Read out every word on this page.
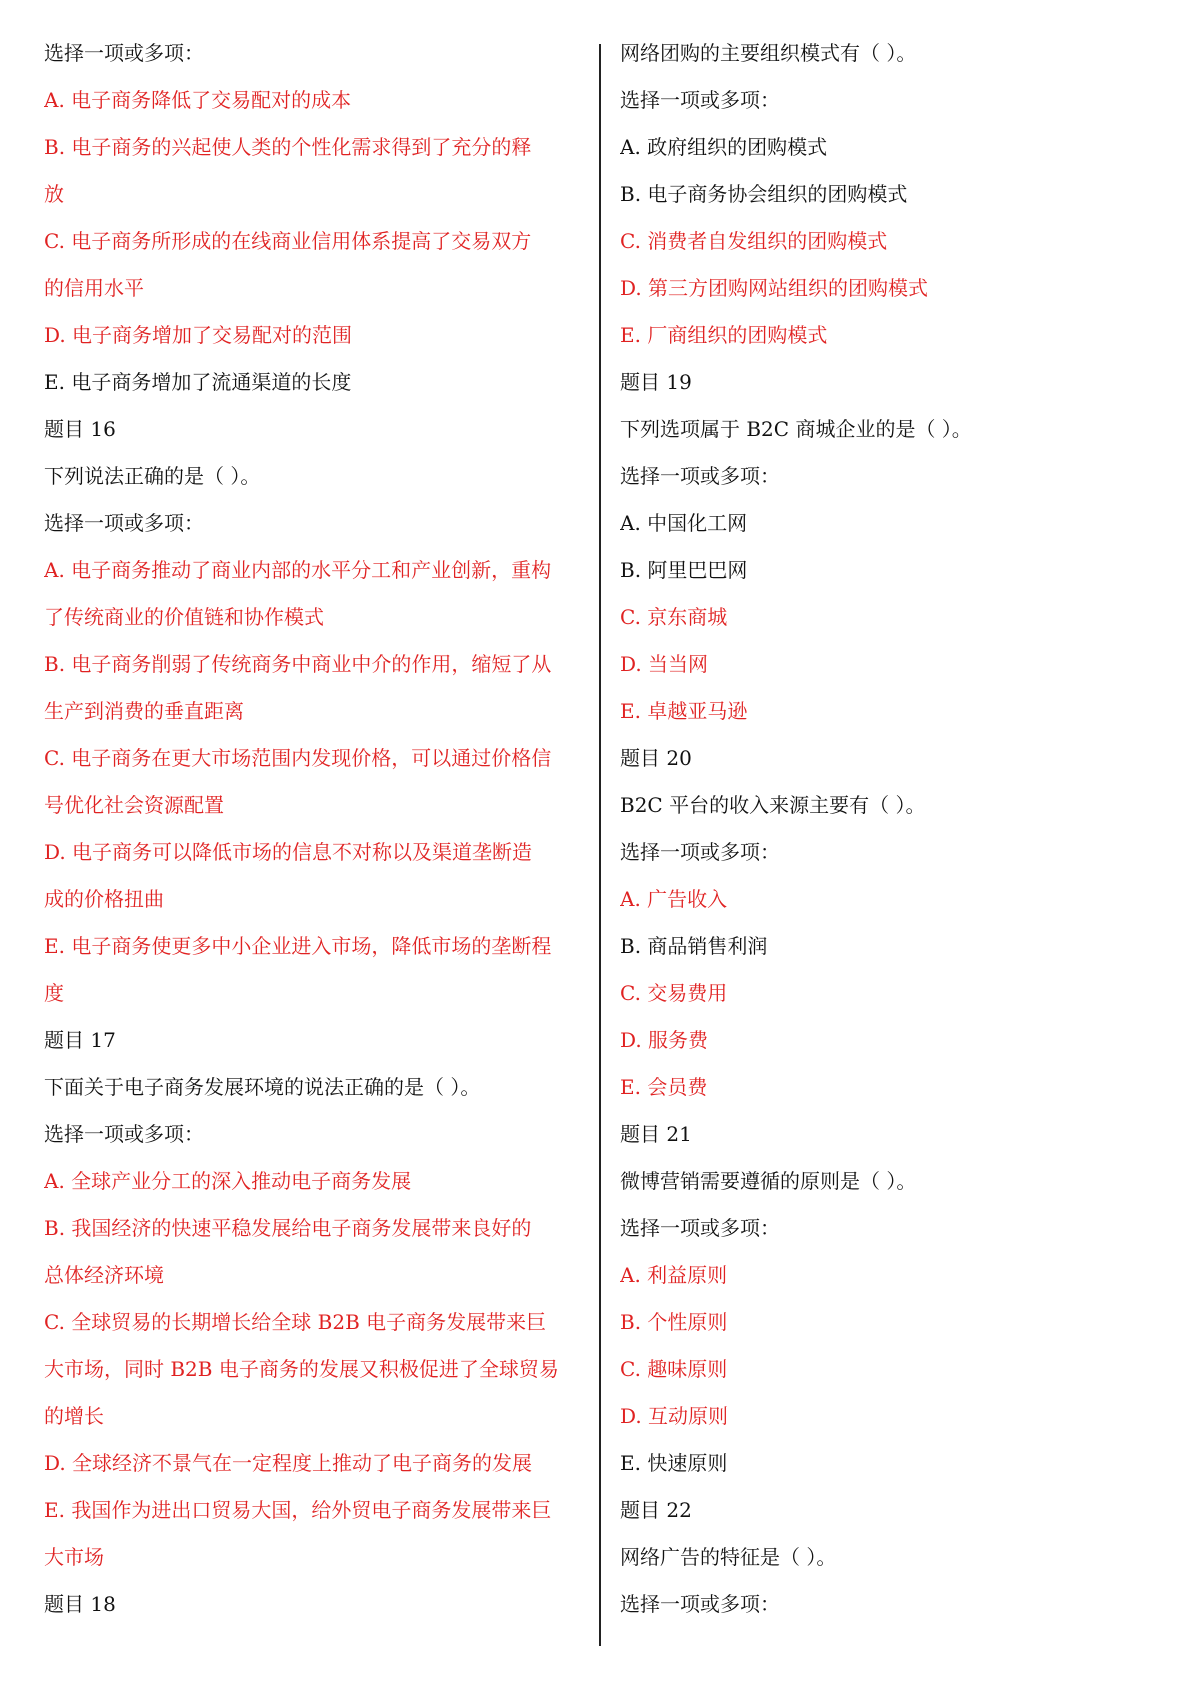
选择一项或多项：
A. 电子商务降低了交易配对的成本
B. 电子商务的兴起使人类的个性化需求得到了充分的释
放
C. 电子商务所形成的在线商业信用体系提高了交易双方
的信用水平
D. 电子商务增加了交易配对的范围
E. 电子商务增加了流通渠道的长度
题目 16
下列说法正确的是（ ）。
选择一项或多项：
A. 电子商务推动了商业内部的水平分工和产业创新，重构
了传统商业的价值链和协作模式
B. 电子商务削弱了传统商务中商业中介的作用，缩短了从
生产到消费的垂直距离
C. 电子商务在更大市场范围内发现价格，可以通过价格信
号优化社会资源配置
D. 电子商务可以降低市场的信息不对称以及渠道垄断造
成的价格扭曲
E. 电子商务使更多中小企业进入市场，降低市场的垄断程
度
题目 17
下面关于电子商务发展环境的说法正确的是（ ）。
选择一项或多项：
A. 全球产业分工的深入推动电子商务发展
B. 我国经济的快速平稳发展给电子商务发展带来良好的
总体经济环境
C. 全球贸易的长期增长给全球 B2B 电子商务发展带来巨
大市场，同时 B2B 电子商务的发展又积极促进了全球贸易
的增长
D. 全球经济不景气在一定程度上推动了电子商务的发展
E. 我国作为进出口贸易大国，给外贸电子商务发展带来巨
大市场
题目 18
网络团购的主要组织模式有（ ）。
选择一项或多项：
A. 政府组织的团购模式
B. 电子商务协会组织的团购模式
C. 消费者自发组织的团购模式
D. 第三方团购网站组织的团购模式
E. 厂商组织的团购模式
题目 19
下列选项属于 B2C 商城企业的是（ ）。
选择一项或多项：
A. 中国化工网
B. 阿里巴巴网
C. 京东商城
D. 当当网
E. 卓越亚马逊
题目 20
B2C 平台的收入来源主要有（ ）。
选择一项或多项：
A. 广告收入
B. 商品销售利润
C. 交易费用
D. 服务费
E. 会员费
题目 21
微博营销需要遵循的原则是（ ）。
选择一项或多项：
A. 利益原则
B. 个性原则
C. 趣味原则
D. 互动原则
E. 快速原则
题目 22
网络广告的特征是（ ）。
选择一项或多项：
